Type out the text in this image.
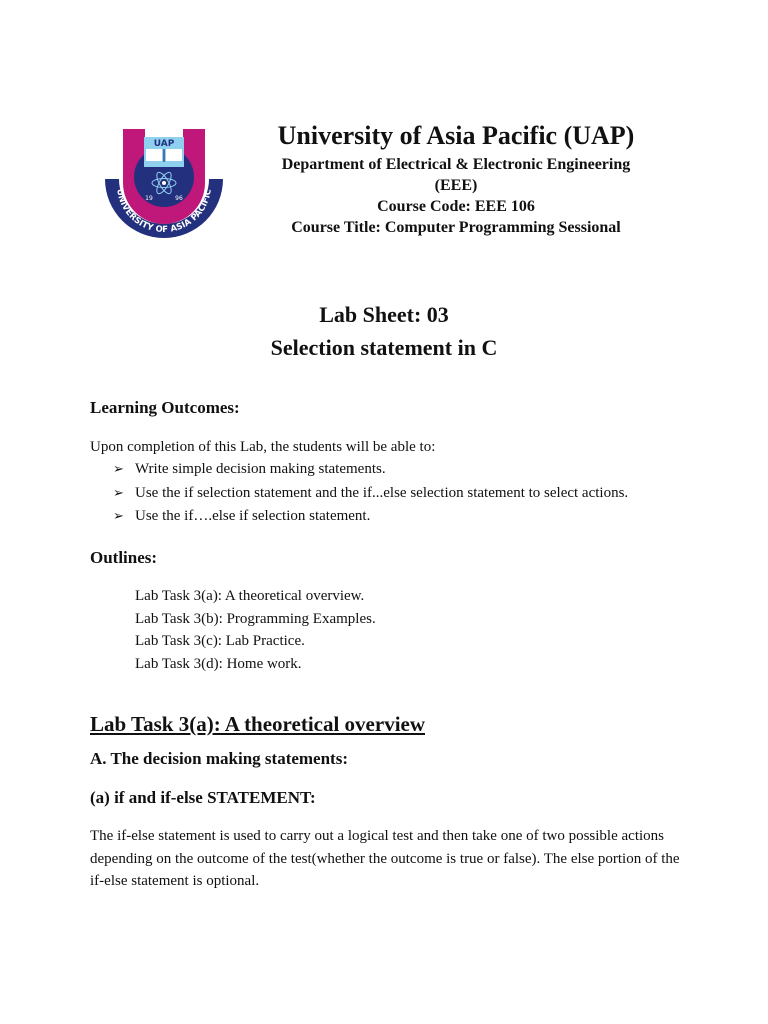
UAP
19	96
UNIVERSITY OF ASIA PACIFIC
University of Asia Pacific (UAP)
Department of Electrical & Electronic Engineering
(EEE)
Course Code: EEE 106
Course Title: Computer Programming Sessional
Lab Sheet: 03
Selection statement in C
Learning Outcomes:
Upon completion of this Lab, the students will be able to:
➢ Write simple decision making statements.
➢ Use the if selection statement and the if...else selection statement to select actions.
➢ Use the if….else if selection statement.
Outlines:
Lab Task 3(a): A theoretical overview.
Lab Task 3(b): Programming Examples.
Lab Task 3(c): Lab Practice.
Lab Task 3(d): Home work.
Lab Task 3(a): A theoretical overview
A. The decision making statements:
(a) if and if-else STATEMENT:
The if-else statement is used to carry out a logical test and then take one of two possible actions depending on the outcome of the test(whether the outcome is true or false). The else portion of the if-else statement is optional.
